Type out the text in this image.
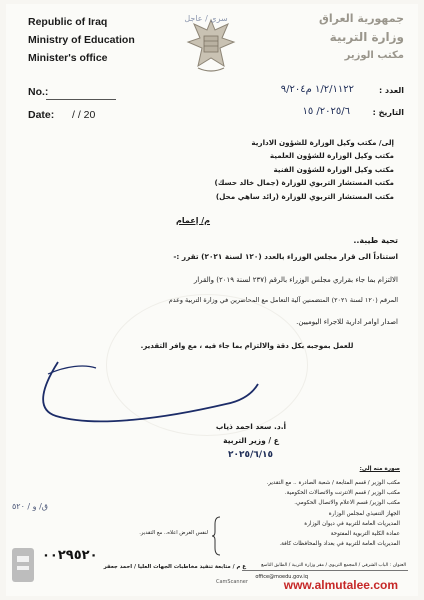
Republic of Iraq
Ministry of Education
Minister's office
No.:
Date: / / 20
سري / عاجل	جمهورية العراق
وزارة التربية
مكتب الوزير
العدد :
١/٢/١١٢٢ م٩/٢٠٤
التاريخ :
٢٠٢٥/٦/ ١٥
إلى/ مكتب وكيل الوزارة للشؤون الادارية
مكتب وكيل الوزارة للشؤون العلمية
مكتب وكيل الوزارة للشؤون الفنية
مكتب المستشار التربوي للوزارة (جمال خالد حسك)
مكتب المستشار التربوي للوزارة (رائد ساهي محل)
م/ إعمام
تحية طيبة..
استناداً الى قرار مجلس الوزراء بالعدد (١٢٠ لسنة ٢٠٢١) تقرر :-
الالتزام بما جاء بقراري مجلس الوزراء بالرقم (٢٣٧ لسنة ٢٠١٩) والقرار
المرقم (١٢٠ لسنة ٢٠٢١) المتضمنين آلية التعامل مع المحاضرين في وزارة التربية وعدم
اصدار اوامر ادارية للاجراء اليوميين.
للعمل بموجبه بكل دقة والالتزام بما جاء فيه ، مع وافر التقدير.
أ.د. سعد احمد ذياب
ع / وزير التربية
٢٠٢٥/٦/١٥
صورة منه إلى:
مكتب الوزير / قسم المتابعة / شعبة الصادرة .. مع التقدير.
مكتب الوزير / قسم الانترنت والاتصالات الحكومية.
مكتب الوزير/ قسم الاعلام والاتصال الحكومي.
الجهاز التنفيذي لمجلس الوزارة
المديريات العامة للتربية في ديوان الوزارة
عمادة الكلية التربوية المفتوحة
المديريات العامة للتربية في بغداد والمحافظات كافة.
لنفس الغرض اعلاه.. مع التقدير.
٠٠٢٩٥٢٠
ق/ و / ٥٢٠
ع م / متابعة تنفيذ مخاطبات الجهات العليا / احمد جعفر	العنوان : الباب الشرقي / المجمع التربوي / مقر وزارة التربية / الطابق التاسع
office@moedu.gov.iq
www.almutalee.com
CamScanner
